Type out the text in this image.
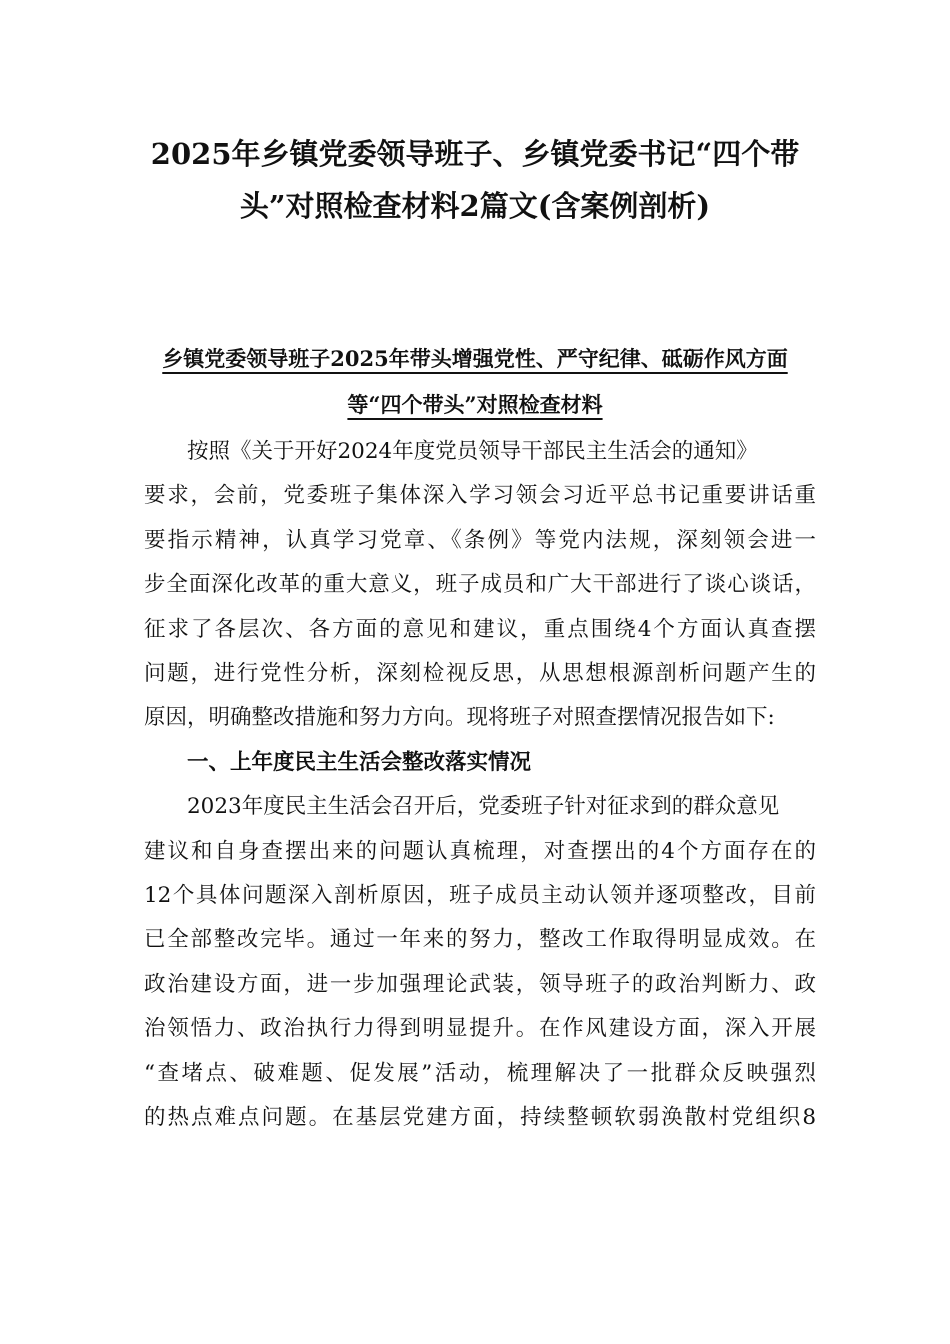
2025年乡镇党委领导班子、乡镇党委书记“四个带
头”对照检查材料2篇文(含案例剖析)
乡镇党委领导班子2025年带头增强党性、严守纪律、砥砺作风方面
等“四个带头”对照检查材料
按照《关于开好2024年度党员领导干部民主生活会的通知》
要求，会前，党委班子集体深入学习领会习近平总书记重要讲话重
要指示精神，认真学习党章、《条例》等党内法规，深刻领会进一
步全面深化改革的重大意义，班子成员和广大干部进行了谈心谈话，
征求了各层次、各方面的意见和建议，重点围绕4个方面认真查摆
问题，进行党性分析，深刻检视反思，从思想根源剖析问题产生的
原因，明确整改措施和努力方向。现将班子对照查摆情况报告如下:
一、上年度民主生活会整改落实情况
2023年度民主生活会召开后，党委班子针对征求到的群众意见
建议和自身查摆出来的问题认真梳理，对查摆出的4个方面存在的
12个具体问题深入剖析原因，班子成员主动认领并逐项整改，目前
已全部整改完毕。通过一年来的努力，整改工作取得明显成效。在
政治建设方面，进一步加强理论武装，领导班子的政治判断力、政
治领悟力、政治执行力得到明显提升。在作风建设方面，深入开展
“查堵点、破难题、促发展”活动，梳理解决了一批群众反映强烈
的热点难点问题。在基层党建方面，持续整顿软弱涣散村党组织8
